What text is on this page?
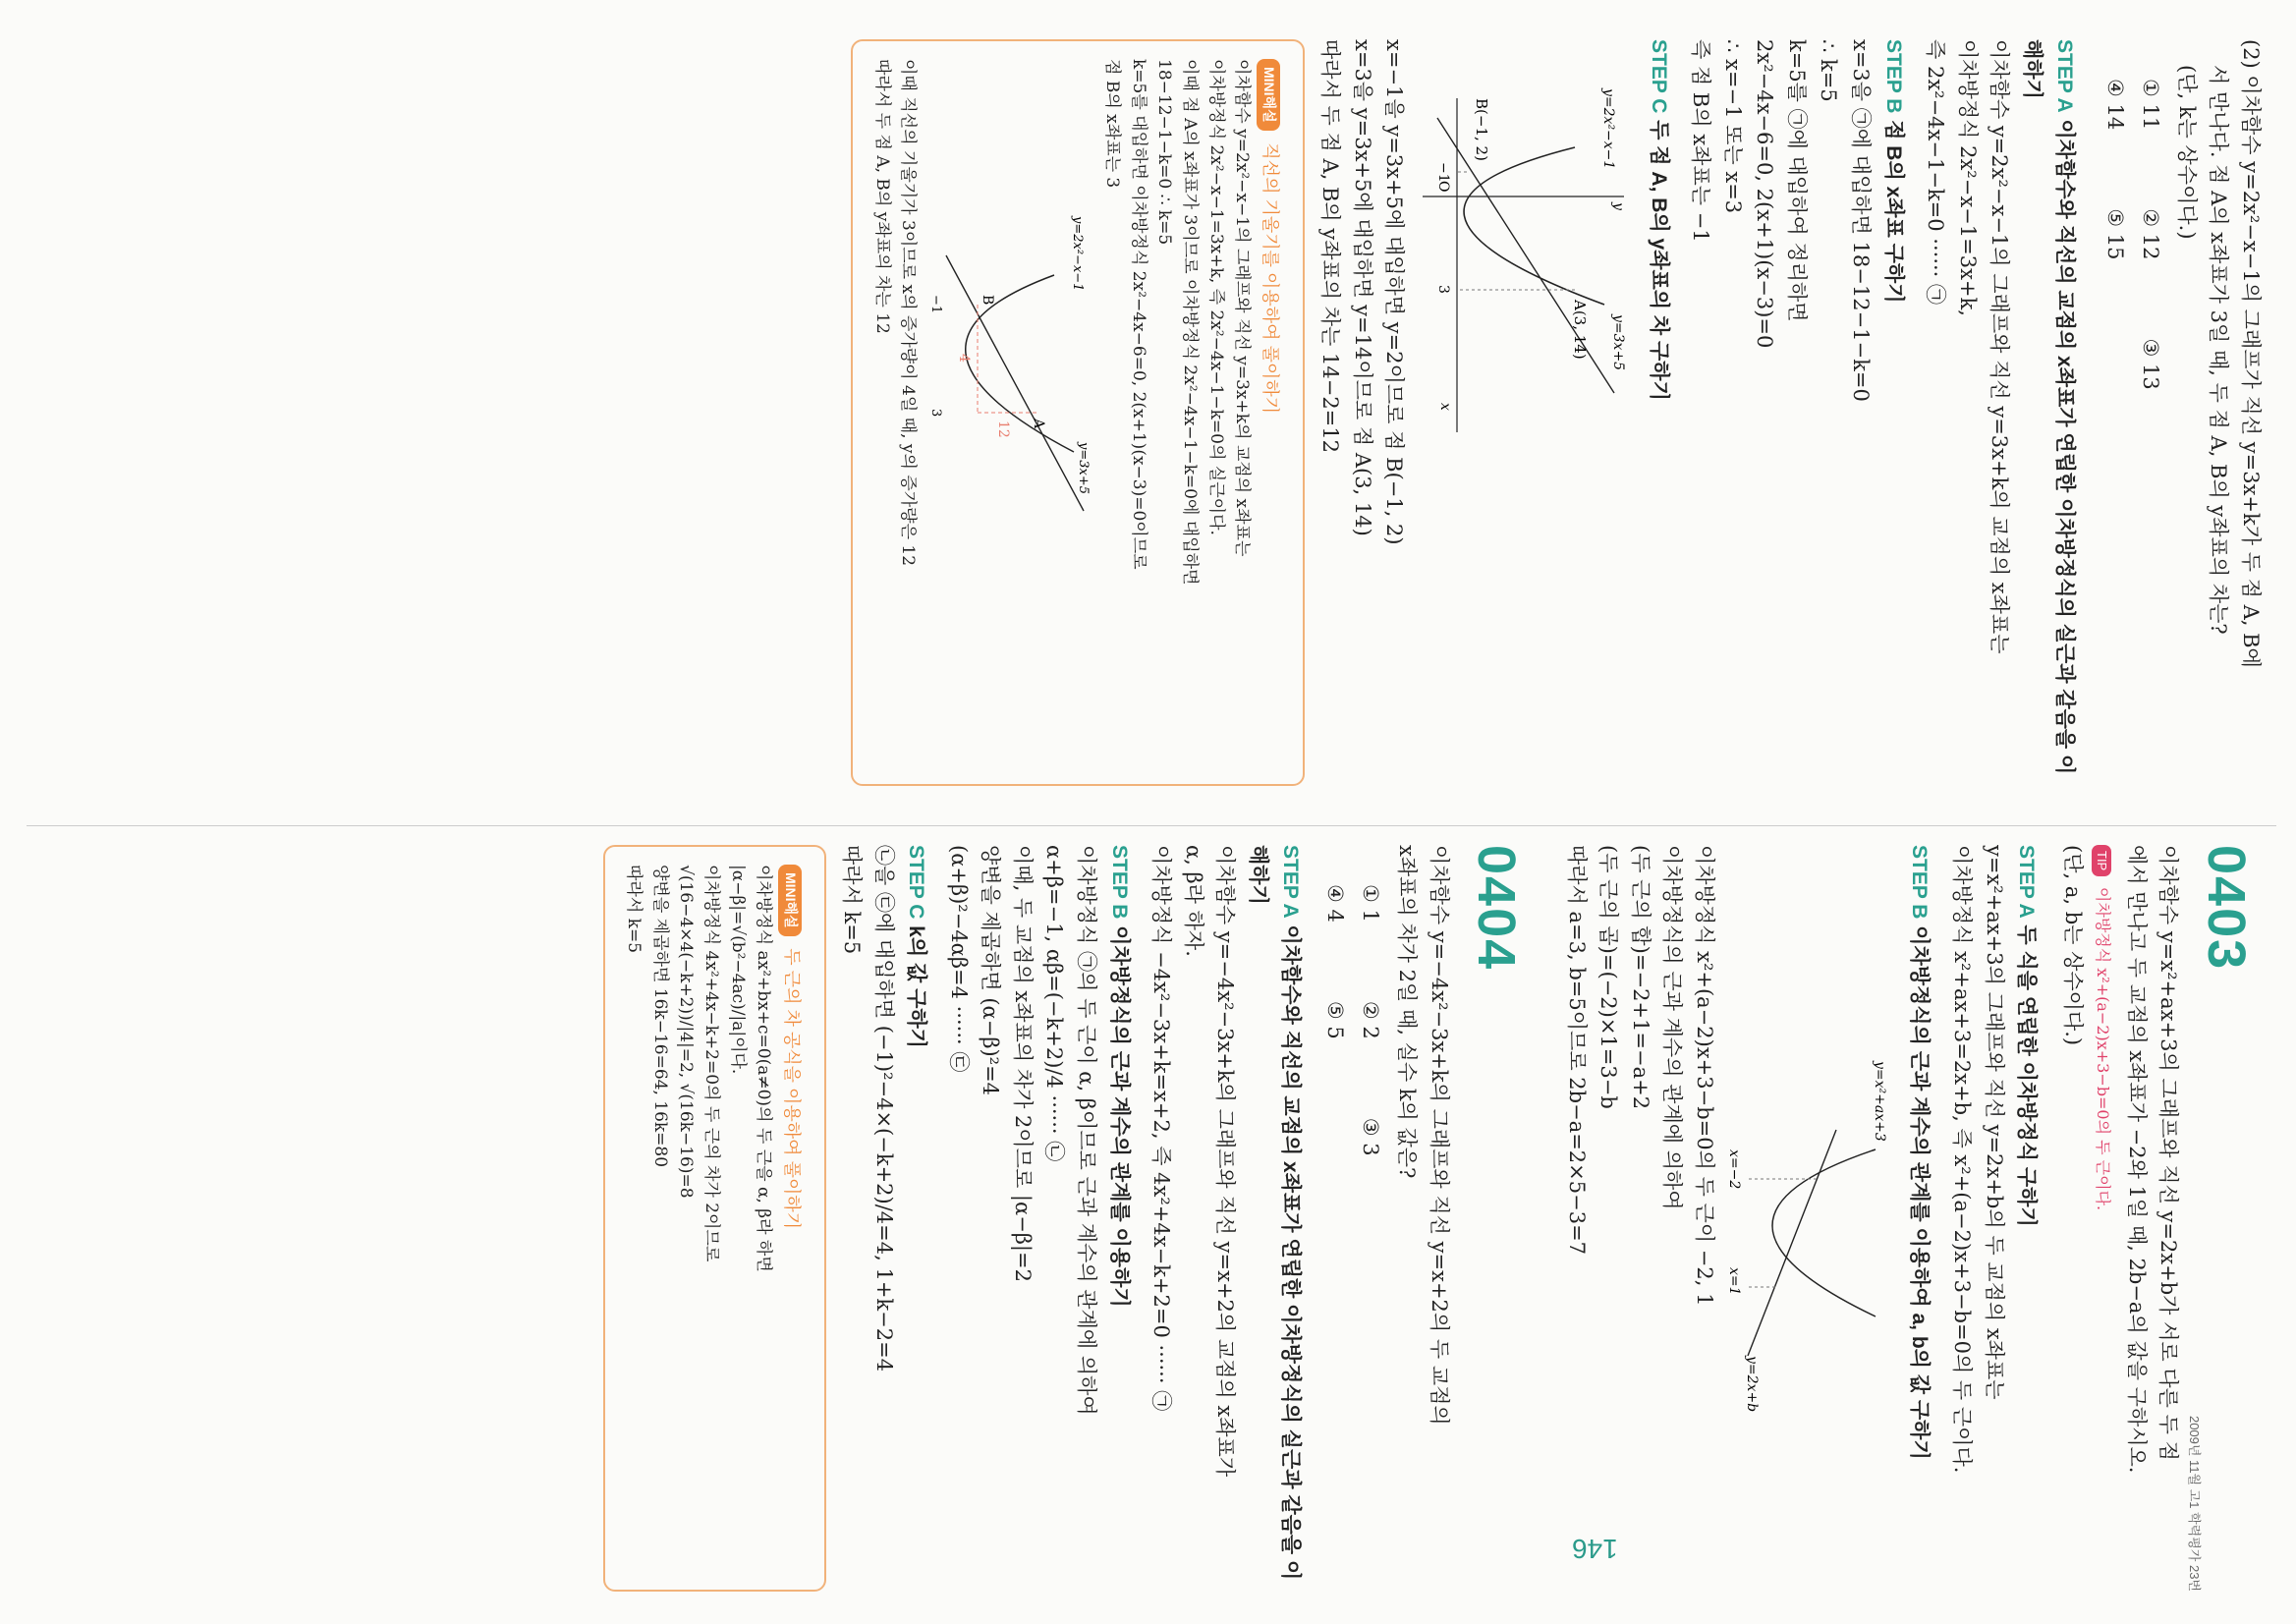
(2) 이차함수 y=2x²−x−1의 그래프가 직선 y=3x+k가 두 점 A, B에
서 만나다. 점 A의 x좌표가 3일 때, 두 점 A, B의 y좌표의 차는?
(단, k는 상수이다.)
① 11
② 12
③ 13
④ 14
⑤ 15
STEP A 이차함수와 직선의 교점의 x좌표가 연립한 이차방정식의 실근과 같음을 이해하기
이차함수 y=2x²−x−1의 그래프와 직선 y=3x+k의 교점의 x좌표는
이차방정식 2x²−x−1=3x+k,
즉 2x²−4x−1−k=0 ······ ㉠
STEP B 점 B의 x좌표 구하기
x=3을 ㉠에 대입하면 18−12−1−k=0
∴ k=5
k=5를 ㉠에 대입하여 정리하면
2x²−4x−6=0, 2(x+1)(x−3)=0
∴ x=−1 또는 x=3
즉 점 B의 x좌표는 −1
STEP C 두 점 A, B의 y좌표의 차 구하기
x
y
O
−1
3
B(−1, 2)
A(3, 14) y=3x+5
y=2x²−x−1
x=−1을 y=3x+5에 대입하면 y=2이므로 점 B(−1, 2)
x=3을 y=3x+5에 대입하면 y=14이므로 점 A(3, 14)
따라서 두 점 A, B의 y좌표의 차는 14−2=12
MINI해설 직선의 기울기를 이용하여 풀이하기
이차함수 y=2x²−x−1의 그래프와 직선 y=3x+k의 교점의 x좌표는
이차방정식 2x²−x−1=3x+k, 즉 2x²−4x−1−k=0의 실근이다.
이때 점 A의 x좌표가 3이므로 이차방정식 2x²−4x−1−k=0에 대입하면
18−12−1−k=0 ∴ k=5
k=5를 대입하면 이차방정식 2x²−4x−6=0, 2(x+1)(x−3)=0이므로
점 B의 x좌표는 3
B
A
4
12
−1
3
y=2x²−x−1
y=3x+5
이때 직선의 기울기가 3이므로 x의 증가량이 4일 때, y의 증가량은 12
따라서 두 점 A, B의 y좌표의 차는 12
0403
2009년 11월 고1 학력평가 23번
이차함수 y=x²+ax+3의 그래프와 직선 y=2x+b가 서로 다른 두 점
에서 만나고 두 교점의 x좌표가 −2와 1일 때, 2b−a의 값을 구하시오.
TIP 이차방정식 x²+(a−2)x+3−b=0의 두 근이다.
(단, a, b는 상수이다.)
STEP A 두 식을 연립한 이차방정식 구하기
y=x²+ax+3의 그래프와 직선 y=2x+b의 두 교점의 x좌표는
이차방정식 x²+ax+3=2x+b, 즉 x²+(a−2)x+3−b=0의 두 근이다.
STEP B 이차방정식의 근과 계수의 관계를 이용하여 a, b의 값 구하기
y=x²+ax+3
y=2x+b
x=−2
x=1
이차방정식 x²+(a−2)x+3−b=0의 두 근이 −2, 1
이차방정식의 근과 계수의 관계에 의하여
(두 근의 합)=−2+1=−a+2
(두 근의 곱)=(−2)×1=3−b
따라서 a=3, b=5이므로 2b−a=2×5−3=7
0404
이차함수 y=−4x²−3x+k의 그래프와 직선 y=x+2의 두 교점의
x좌표의 차가 2일 때, 실수 k의 값은?
① 1
② 2
③ 3
④ 4
⑤ 5
STEP A 이차함수와 직선의 교점의 x좌표가 연립한 이차방정식의 실근과 같음을 이해하기
이차함수 y=−4x²−3x+k의 그래프와 직선 y=x+2의 교점의 x좌표가
α, β라 하자.
이차방정식 −4x²−3x+k=x+2, 즉 4x²+4x−k+2=0 ······ ㉠
STEP B 이차방정식의 근과 계수의 관계를 이용하기
이차방정식 ㉠의 두 근이 α, β이므로 근과 계수의 관계에 의하여
α+β=−1, αβ=(−k+2)/4 ······ ㉡
이때, 두 교점의 x좌표의 차가 2이므로 |α−β|=2
양변을 제곱하면 (α−β)²=4
(α+β)²−4αβ=4 ······ ㉢
STEP C k의 값 구하기
㉡을 ㉢에 대입하면 (−1)²−4×(−k+2)/4=4, 1+k−2=4
따라서 k=5
MINI해설 두 근의 차 공식을 이용하여 풀이하기
이차방정식 ax²+bx+c=0(a≠0)의 두 근을 α, β라 하면
|α−β|=√(b²−4ac)/|a|이다.
이차방정식 4x²+4x−k+2=0의 두 근의 차가 2이므로
√(16−4×4(−k+2))/|4|=2, √(16k−16)=8
양변을 제곱하면 16k−16=64, 16k=80
따라서 k=5
146
